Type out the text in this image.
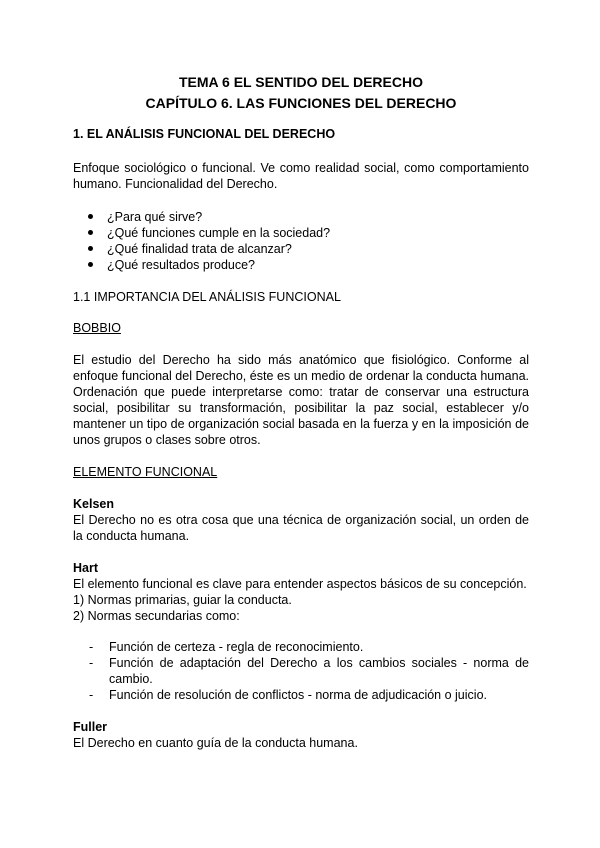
TEMA 6 EL SENTIDO DEL DERECHO
CAPÍTULO 6. LAS FUNCIONES DEL DERECHO
1. EL ANÁLISIS FUNCIONAL DEL DERECHO
Enfoque sociológico o funcional. Ve como realidad social, como comportamiento humano. Funcionalidad del Derecho.
¿Para qué sirve?
¿Qué funciones cumple en la sociedad?
¿Qué finalidad trata de alcanzar?
¿Qué resultados produce?
1.1 IMPORTANCIA DEL ANÁLISIS FUNCIONAL
BOBBIO
El estudio del Derecho ha sido más anatómico que fisiológico. Conforme al enfoque funcional del Derecho, éste es un medio de ordenar la conducta humana. Ordenación que puede interpretarse como: tratar de conservar una estructura social, posibilitar su transformación, posibilitar la paz social, establecer y/o mantener un tipo de organización social basada en la fuerza y en la imposición de unos grupos o clases sobre otros.
ELEMENTO FUNCIONAL
Kelsen
El Derecho no es otra cosa que una técnica de organización social, un orden de la conducta humana.
Hart
El elemento funcional es clave para entender aspectos básicos de su concepción.
1) Normas primarias, guiar la conducta.
2) Normas secundarias como:
- Función de certeza - regla de reconocimiento.
- Función de adaptación del Derecho a los cambios sociales - norma de cambio.
- Función de resolución de conflictos - norma de adjudicación o juicio.
Fuller
El Derecho en cuanto guía de la conducta humana.
